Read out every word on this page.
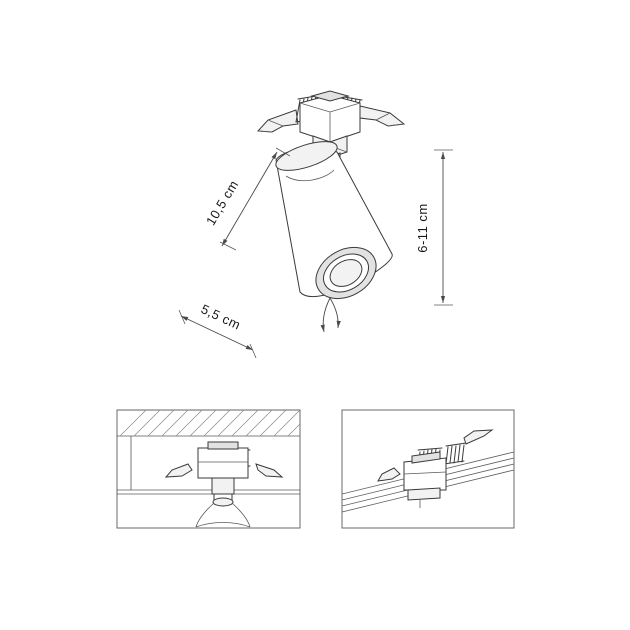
10,5 cm
5,5 cm
6-11 cm
